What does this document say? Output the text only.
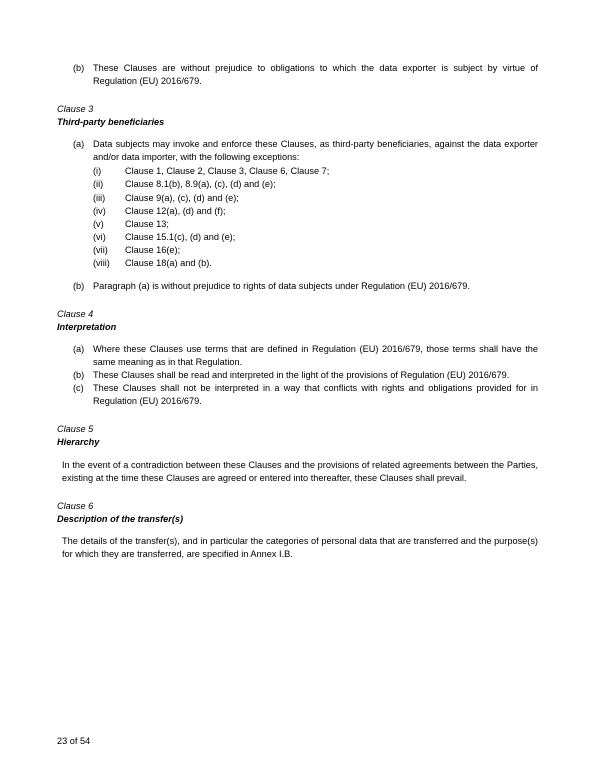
(b) These Clauses are without prejudice to obligations to which the data exporter is subject by virtue of Regulation (EU) 2016/679.
Clause 3
Third-party beneficiaries
(a) Data subjects may invoke and enforce these Clauses, as third-party beneficiaries, against the data exporter and/or data importer, with the following exceptions:
(i)	Clause 1, Clause 2, Clause 3, Clause 6, Clause 7;
(ii)	Clause 8.1(b), 8.9(a), (c), (d) and (e);
(iii)	Clause 9(a), (c), (d) and (e);
(iv)	Clause 12(a), (d) and (f);
(v)	Clause 13;
(vi)	Clause 15.1(c), (d) and (e);
(vii)	Clause 16(e);
(viii)	Clause 18(a) and (b).
(b) Paragraph (a) is without prejudice to rights of data subjects under Regulation (EU) 2016/679.
Clause 4
Interpretation
(a) Where these Clauses use terms that are defined in Regulation (EU) 2016/679, those terms shall have the same meaning as in that Regulation.
(b) These Clauses shall be read and interpreted in the light of the provisions of Regulation (EU) 2016/679.
(c)	These Clauses shall not be interpreted in a way that conflicts with rights and obligations provided for in Regulation (EU) 2016/679.
Clause 5
Hierarchy
In the event of a contradiction between these Clauses and the provisions of related agreements between the Parties, existing at the time these Clauses are agreed or entered into thereafter, these Clauses shall prevail.
Clause 6
Description of the transfer(s)
The details of the transfer(s), and in particular the categories of personal data that are transferred and the purpose(s) for which they are transferred, are specified in Annex I.B.
23 of 54
